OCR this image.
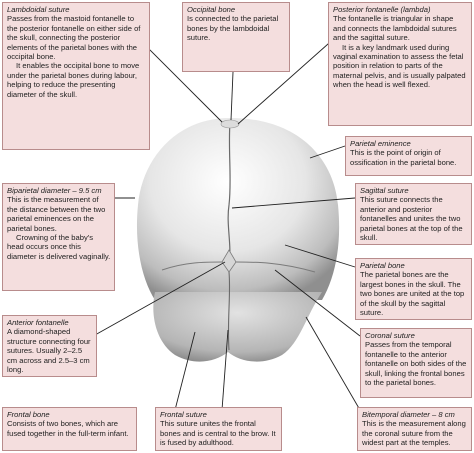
Lambdoidal suture
Passes from the mastoid fontanelle to the posterior fontanelle on either side of the skull, connecting the posterior elements of the parietal bones with the occipital bone.
It enables the occipital bone to move under the parietal bones during labour, helping to reduce the presenting diameter of the skull.
Occipital bone
Is connected to the parietal bones by the lambdoidal suture.
Posterior fontanelle (lambda)
The fontanelle is triangular in shape and connects the lambdoidal sutures and the sagittal suture.
It is a key landmark used during vaginal examination to assess the fetal position in relation to parts of the maternal pelvis, and is usually palpated when the head is well flexed.
Parietal eminence
This is the point of origin of ossification in the parietal bone.
Biparietal diameter – 9.5 cm
This is the measurement of the distance between the two parietal eminences on the parietal bones.
Crowning of the baby's head occurs once this diameter is delivered vaginally.
Sagittal suture
This suture connects the anterior and posterior fontanelles and unites the two parietal bones at the top of the skull.
Parietal bone
The parietal bones are the largest bones in the skull. The two bones are united at the top of the skull by the sagittal suture.
Anterior fontanelle
A diamond-shaped structure connecting four sutures. Usually 2–2.5 cm across and 2.5–3 cm long.
Coronal suture
Passes from the temporal fontanelle to the anterior fontanelle on both sides of the skull, linking the frontal bones to the parietal bones.
Frontal bone
Consists of two bones, which are fused together in the full-term infant.
Frontal suture
This suture unites the frontal bones and is central to the brow. It is fused by adulthood.
Bitemporal diameter – 8 cm
This is the measurement along the coronal suture from the widest part at the temples.
